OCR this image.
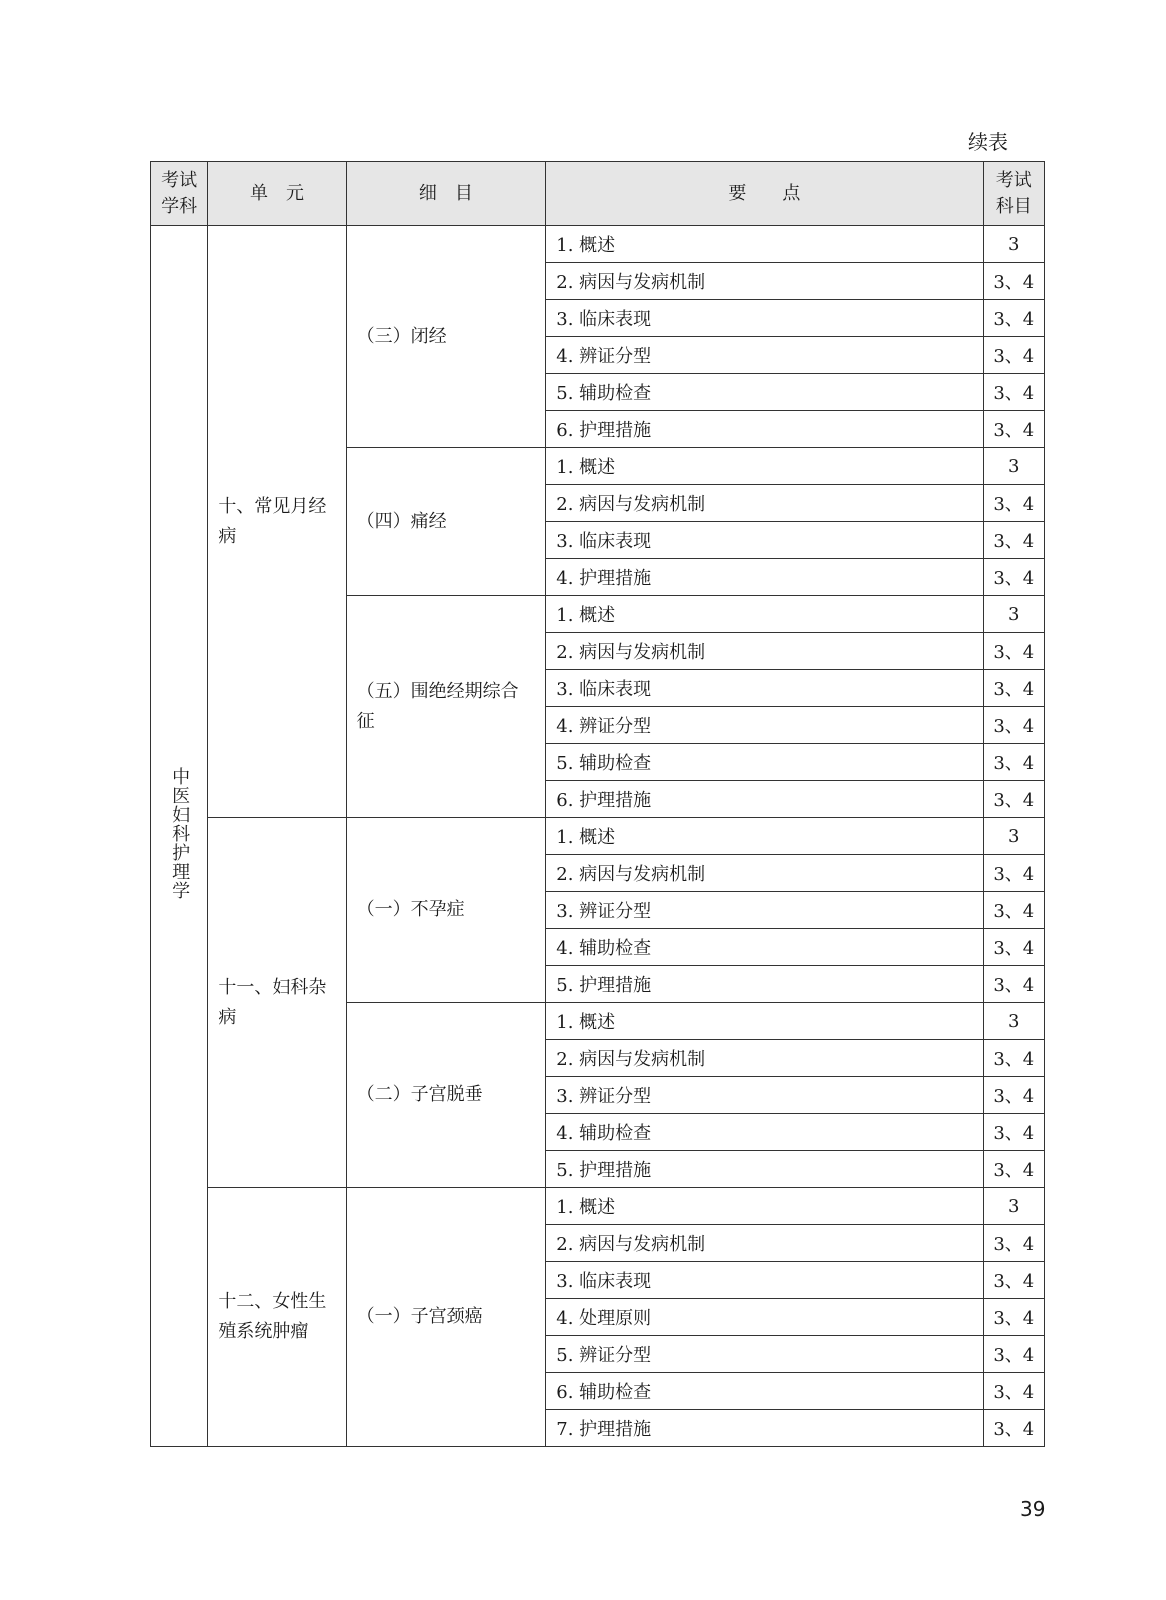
续表
考试学科	单　元	细　目	要　　点	考试科目
中医妇科护理学	十、常见月经病	（三）闭经	1. 概述	3
			2. 病因与发病机制	3、4
			3. 临床表现	3、4
			4. 辨证分型	3、4
			5. 辅助检查	3、4
			6. 护理措施	3、4
		（四）痛经	1. 概述	3
			2. 病因与发病机制	3、4
			3. 临床表现	3、4
			4. 护理措施	3、4
		（五）围绝经期综合征	1. 概述	3
			2. 病因与发病机制	3、4
			3. 临床表现	3、4
			4. 辨证分型	3、4
			5. 辅助检查	3、4
			6. 护理措施	3、4
	十一、妇科杂病	（一）不孕症	1. 概述	3
			2. 病因与发病机制	3、4
			3. 辨证分型	3、4
			4. 辅助检查	3、4
			5. 护理措施	3、4
		（二）子宫脱垂	1. 概述	3
			2. 病因与发病机制	3、4
			3. 辨证分型	3、4
			4. 辅助检查	3、4
			5. 护理措施	3、4
	十二、女性生殖系统肿瘤	（一）子宫颈癌	1. 概述	3
			2. 病因与发病机制	3、4
			3. 临床表现	3、4
			4. 处理原则	3、4
			5. 辨证分型	3、4
			6. 辅助检查	3、4
			7. 护理措施	3、4
39
